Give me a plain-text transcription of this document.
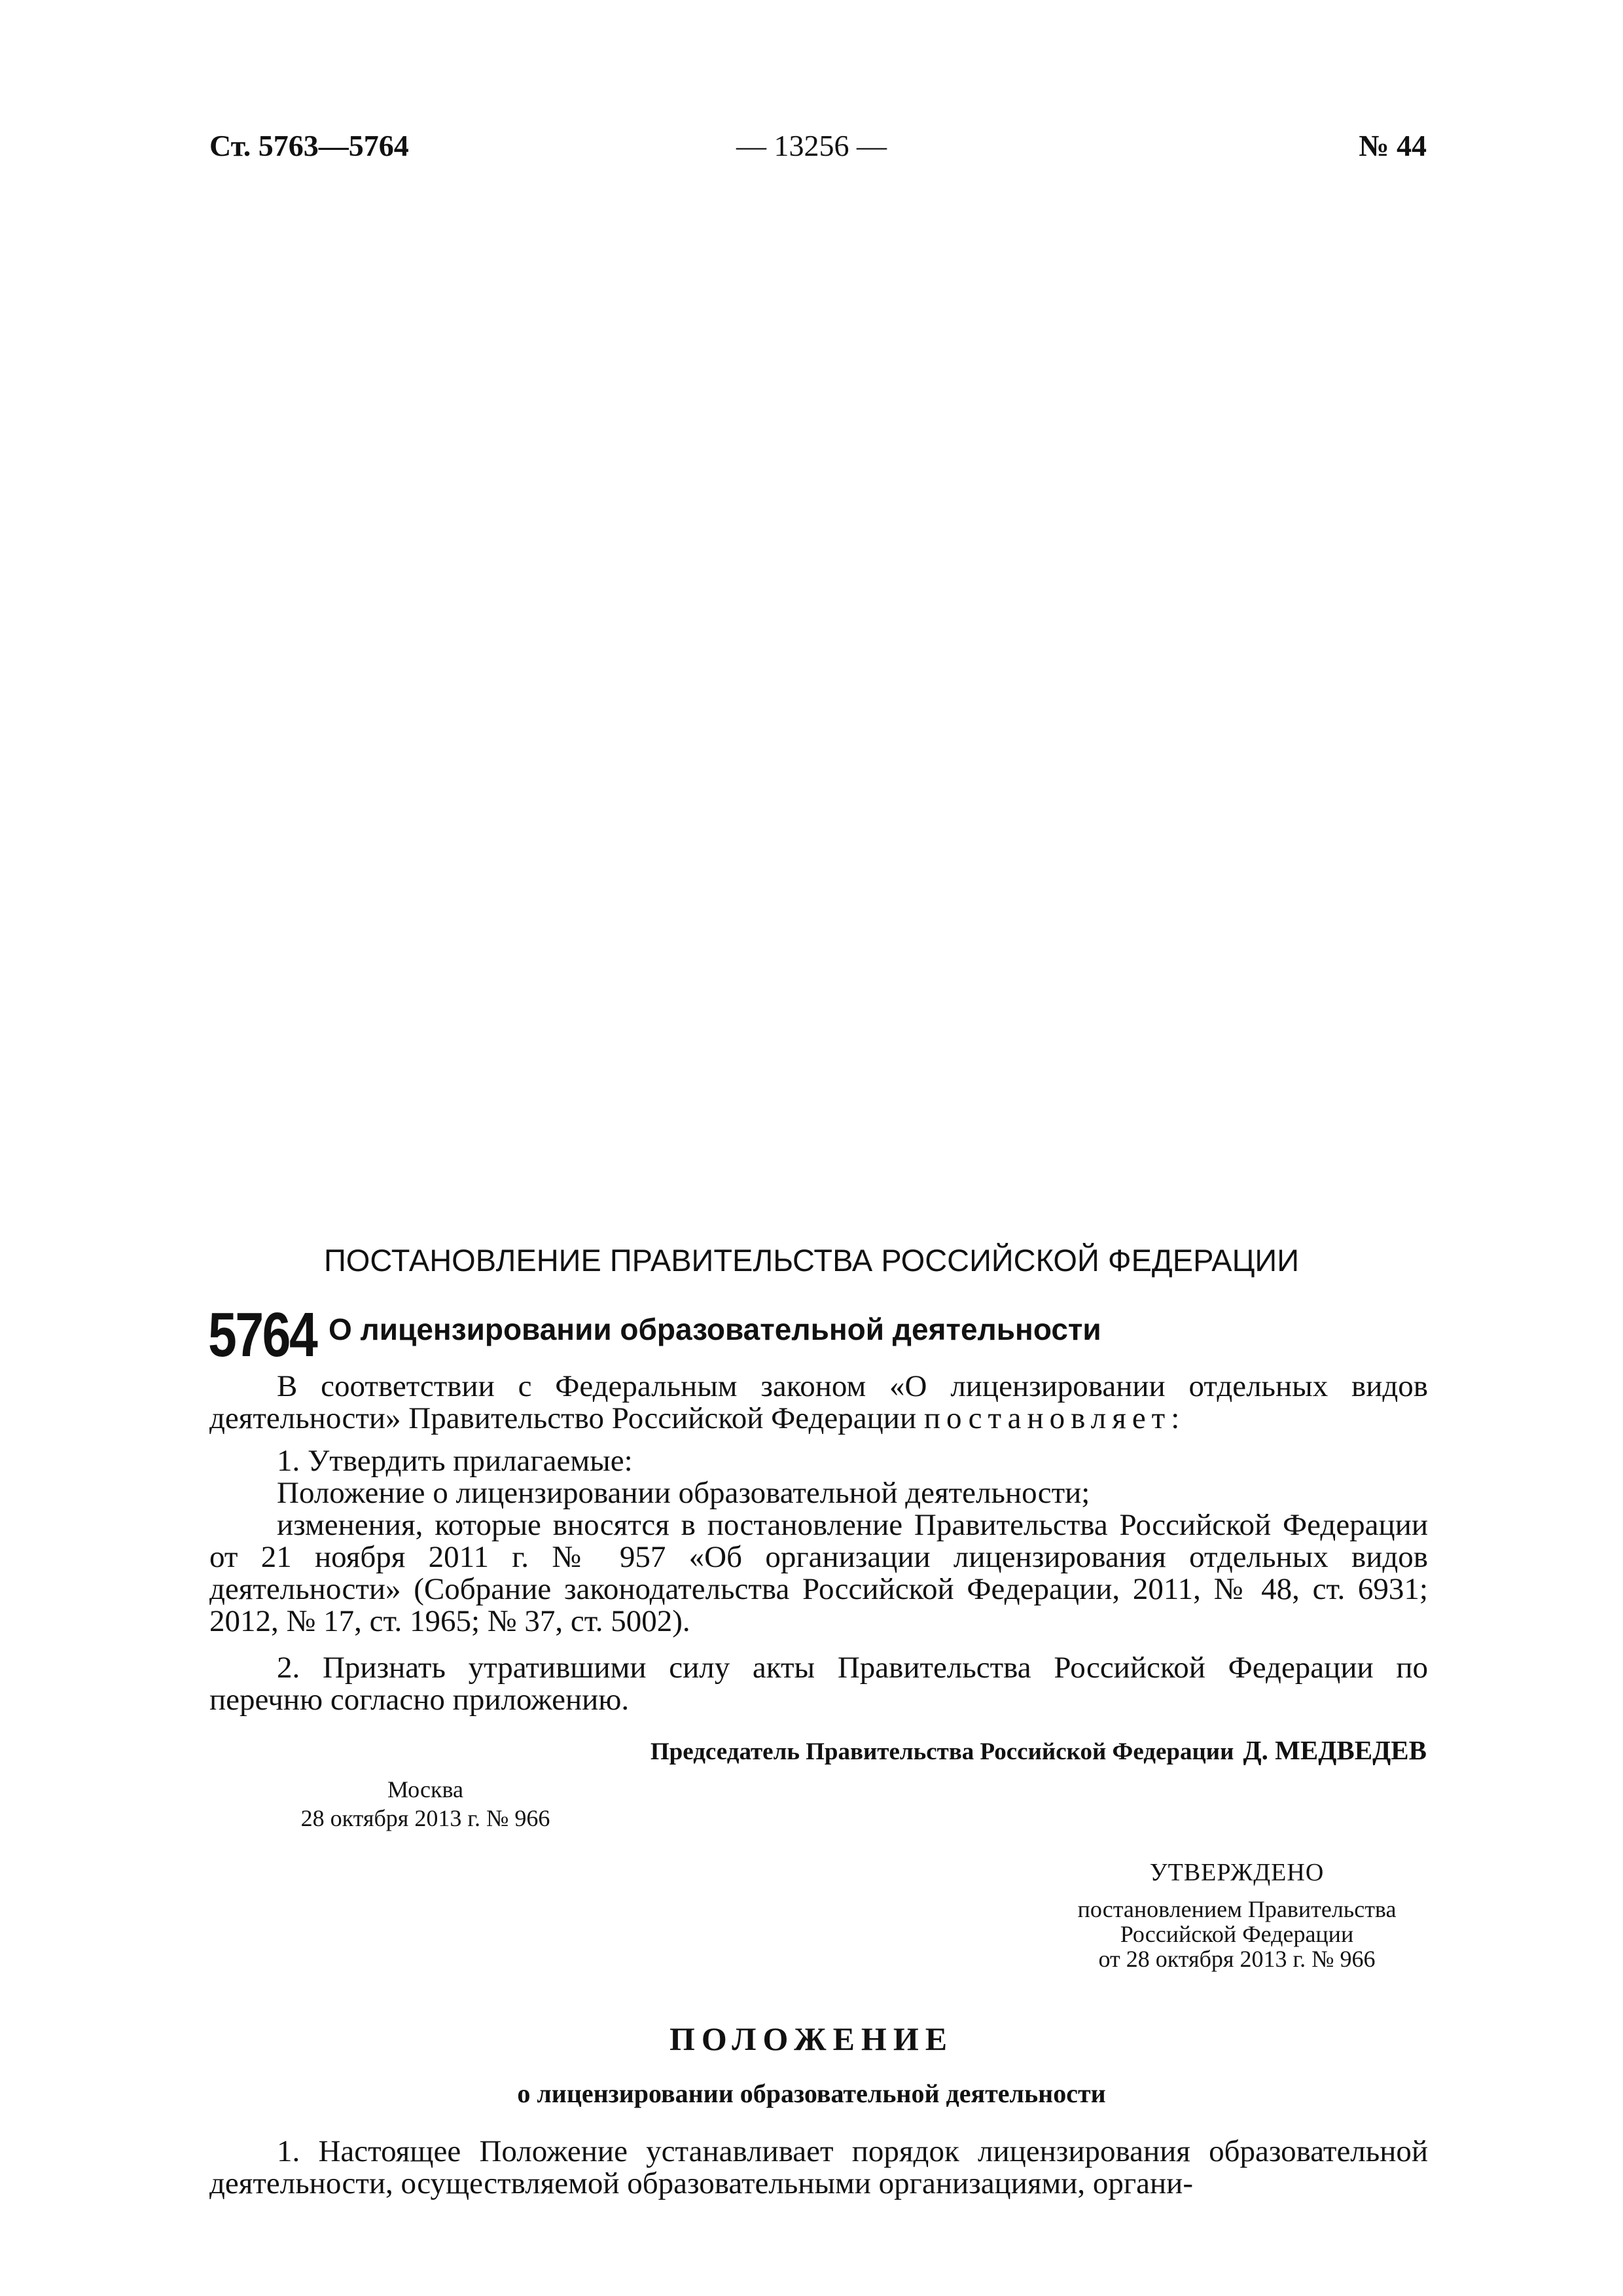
— 13256 —
Ст. 5763—5764	№ 44
ПОСТАНОВЛЕНИЕ ПРАВИТЕЛЬСТВА РОССИЙСКОЙ ФЕДЕРАЦИИ
5764 О лицензировании образовательной деятельности

В соответствии с Федеральным законом «О лицензировании отдельных видов деятельности» Правительство Российской Федерации постановляет:

1. Утвердить прилагаемые:

Положение о лицензировании образовательной деятельности;

изменения, которые вносятся в постановление Правительства Российской Федерации от 21 ноября 2011 г. № 957 «Об организации лицензирования отдельных видов деятельности» (Собрание законодательства Российской Федерации, 2011, № 48, ст. 6931; 2012, № 17, ст. 1965; № 37, ст. 5002).

2. Признать утратившими силу акты Правительства Российской Федерации по перечню согласно приложению.

Председатель Правительства Российской Федерации Д. МЕДВЕДЕВ
Москва
28 октября 2013 г. № 966
УТВЕРЖДЕНО
постановлением Правительства
Российской Федерации
от 28 октября 2013 г. № 966
ПОЛОЖЕНИЕ
о лицензировании образовательной деятельности

1. Настоящее Положение устанавливает порядок лицензирования образовательной деятельности, осуществляемой образовательными организациями, органи-
